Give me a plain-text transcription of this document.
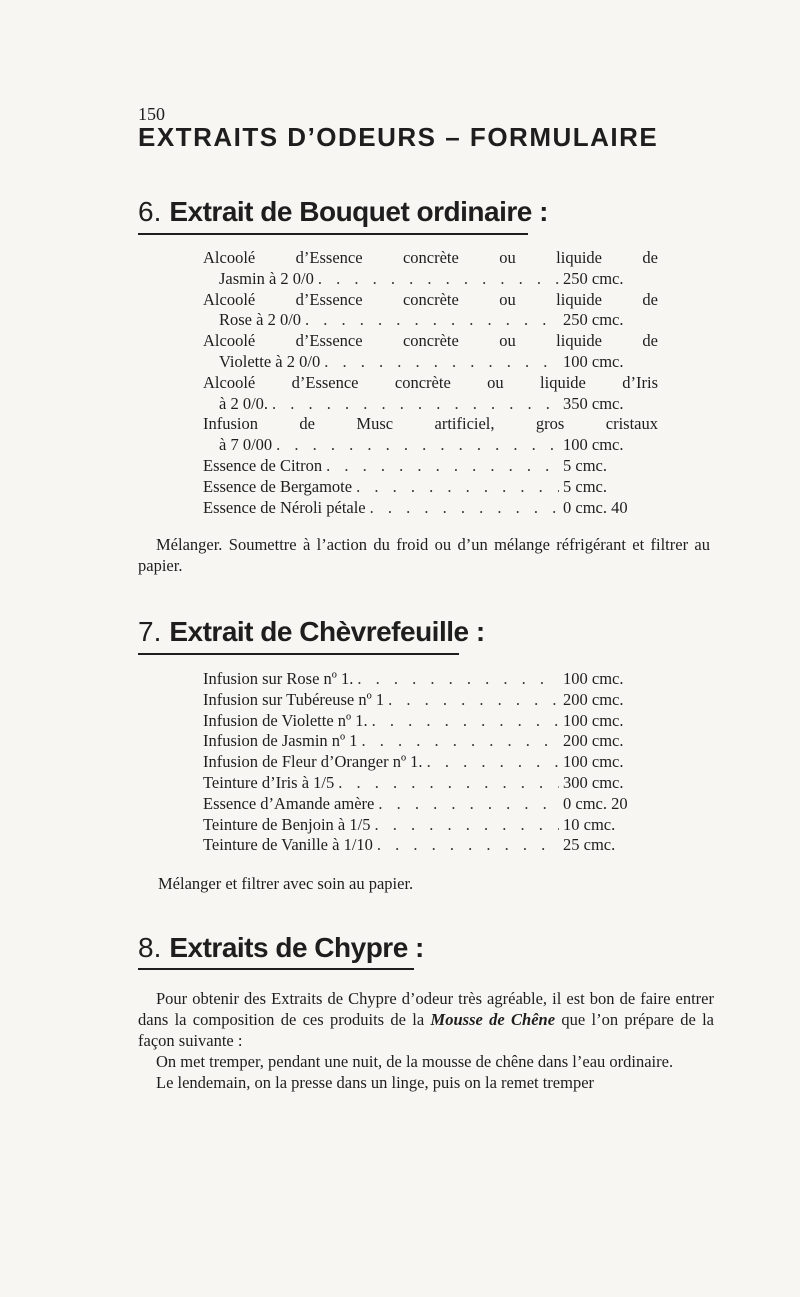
150
EXTRAITS D’ODEURS – FORMULAIRE
6. Extrait de Bouquet ordinaire :
Alcoolé d’Essence concrète ou liquide de
Jasmin à 2 0/0 . . .	250 cmc.
Alcoolé d’Essence concrète ou liquide de
Rose à 2 0/0 . . .	250 cmc.
Alcoolé d’Essence concrète ou liquide de
Violette à 2 0/0 . . .	100 cmc.
Alcoolé d’Essence concrète ou liquide d’Iris
à 2 0/0. . . .	350 cmc.
Infusion de Musc artificiel, gros cristaux
à 7 0/00 . . .	100 cmc.
Essence de Citron . . .	5 cmc.
Essence de Bergamote . . .	5 cmc.
Essence de Néroli pétale . . .	0 cmc. 40

Mélanger. Soumettre à l’action du froid ou d’un mélange réfrigérant et filtrer au papier.

7. Extrait de Chèvrefeuille :
Infusion sur Rose nº 1. . . .	100 cmc.
Infusion sur Tubéreuse nº 1 . . .	200 cmc.
Infusion de Violette nº 1. . . .	100 cmc.
Infusion de Jasmin nº 1 . . .	200 cmc.
Infusion de Fleur d’Oranger nº 1. . . .	100 cmc.
Teinture d’Iris à 1/5 . . .	300 cmc.
Essence d’Amande amère . . .	0 cmc. 20
Teinture de Benjoin à 1/5 . . .	10 cmc.
Teinture de Vanille à 1/10 . . .	25 cmc.

Mélanger et filtrer avec soin au papier.

8. Extraits de Chypre :

Pour obtenir des Extraits de Chypre d’odeur très agréable, il est bon de faire entrer dans la composition de ces produits de la Mousse de Chêne que l’on prépare de la façon suivante :

On met tremper, pendant une nuit, de la mousse de chêne dans l’eau ordinaire.

Le lendemain, on la presse dans un linge, puis on la remet tremper
